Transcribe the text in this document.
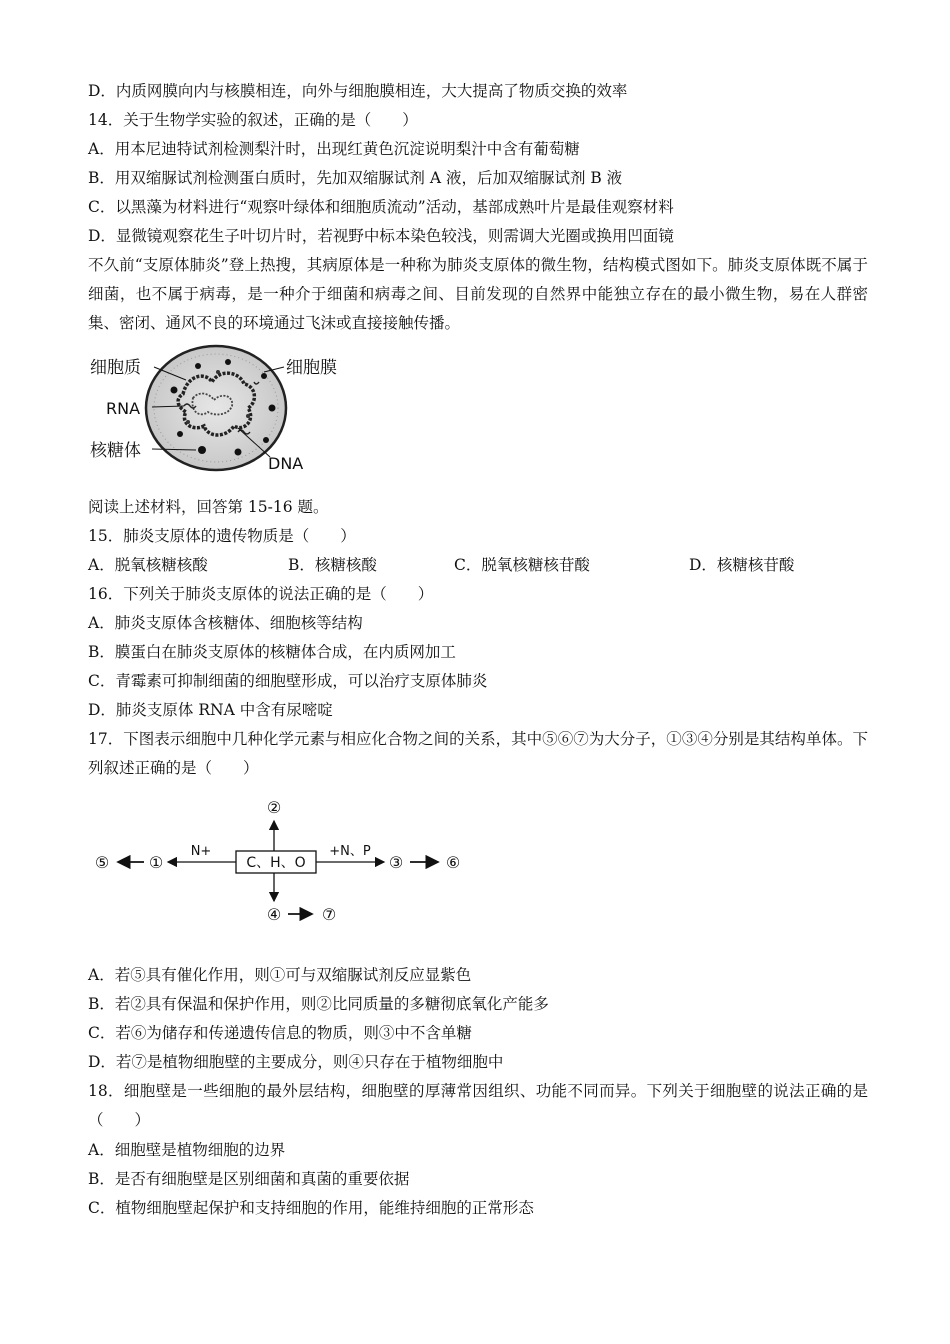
D．内质网膜向内与核膜相连，向外与细胞膜相连，大大提高了物质交换的效率
14．关于生物学实验的叙述，正确的是（　　）
A．用本尼迪特试剂检测梨汁时，出现红黄色沉淀说明梨汁中含有葡萄糖
B．用双缩脲试剂检测蛋白质时，先加双缩脲试剂 A 液，后加双缩脲试剂 B 液
C．以黑藻为材料进行“观察叶绿体和细胞质流动”活动，基部成熟叶片是最佳观察材料
D．显微镜观察花生子叶切片时，若视野中标本染色较浅，则需调大光圈或换用凹面镜
不久前“支原体肺炎”登上热搜，其病原体是一种称为肺炎支原体的微生物，结构模式图如下。肺炎支原体既不属于细菌，也不属于病毒，是一种介于细菌和病毒之间、目前发现的自然界中能独立存在的最小微生物，易在人群密集、密闭、通风不良的环境通过飞沫或直接接触传播。
细胞质	细胞膜
RNA
核糖体
DNA
阅读上述材料，回答第 15-16 题。
15．肺炎支原体的遗传物质是（　　）
A．脱氧核糖核酸	B．核糖核酸	C．脱氧核糖核苷酸	D．核糖核苷酸
16．下列关于肺炎支原体的说法正确的是（　　）
A．肺炎支原体含核糖体、细胞核等结构
B．膜蛋白在肺炎支原体的核糖体合成，在内质网加工
C．青霉素可抑制细菌的细胞壁形成，可以治疗支原体肺炎
D．肺炎支原体 RNA 中含有尿嘧啶
17．下图表示细胞中几种化学元素与相应化合物之间的关系，其中⑤⑥⑦为大分子，①③④分别是其结构单体。下列叙述正确的是（　　）
C、H、O
②
④	⑦
N+
①
⑤
+N、P
③	⑥
A．若⑤具有催化作用，则①可与双缩脲试剂反应显紫色
B．若②具有保温和保护作用，则②比同质量的多糖彻底氧化产能多
C．若⑥为储存和传递遗传信息的物质，则③中不含单糖
D．若⑦是植物细胞壁的主要成分，则④只存在于植物细胞中
18．细胞壁是一些细胞的最外层结构，细胞壁的厚薄常因组织、功能不同而异。下列关于细胞壁的说法正确的是（　　）
A．细胞壁是植物细胞的边界
B．是否有细胞壁是区别细菌和真菌的重要依据
C．植物细胞壁起保护和支持细胞的作用，能维持细胞的正常形态
